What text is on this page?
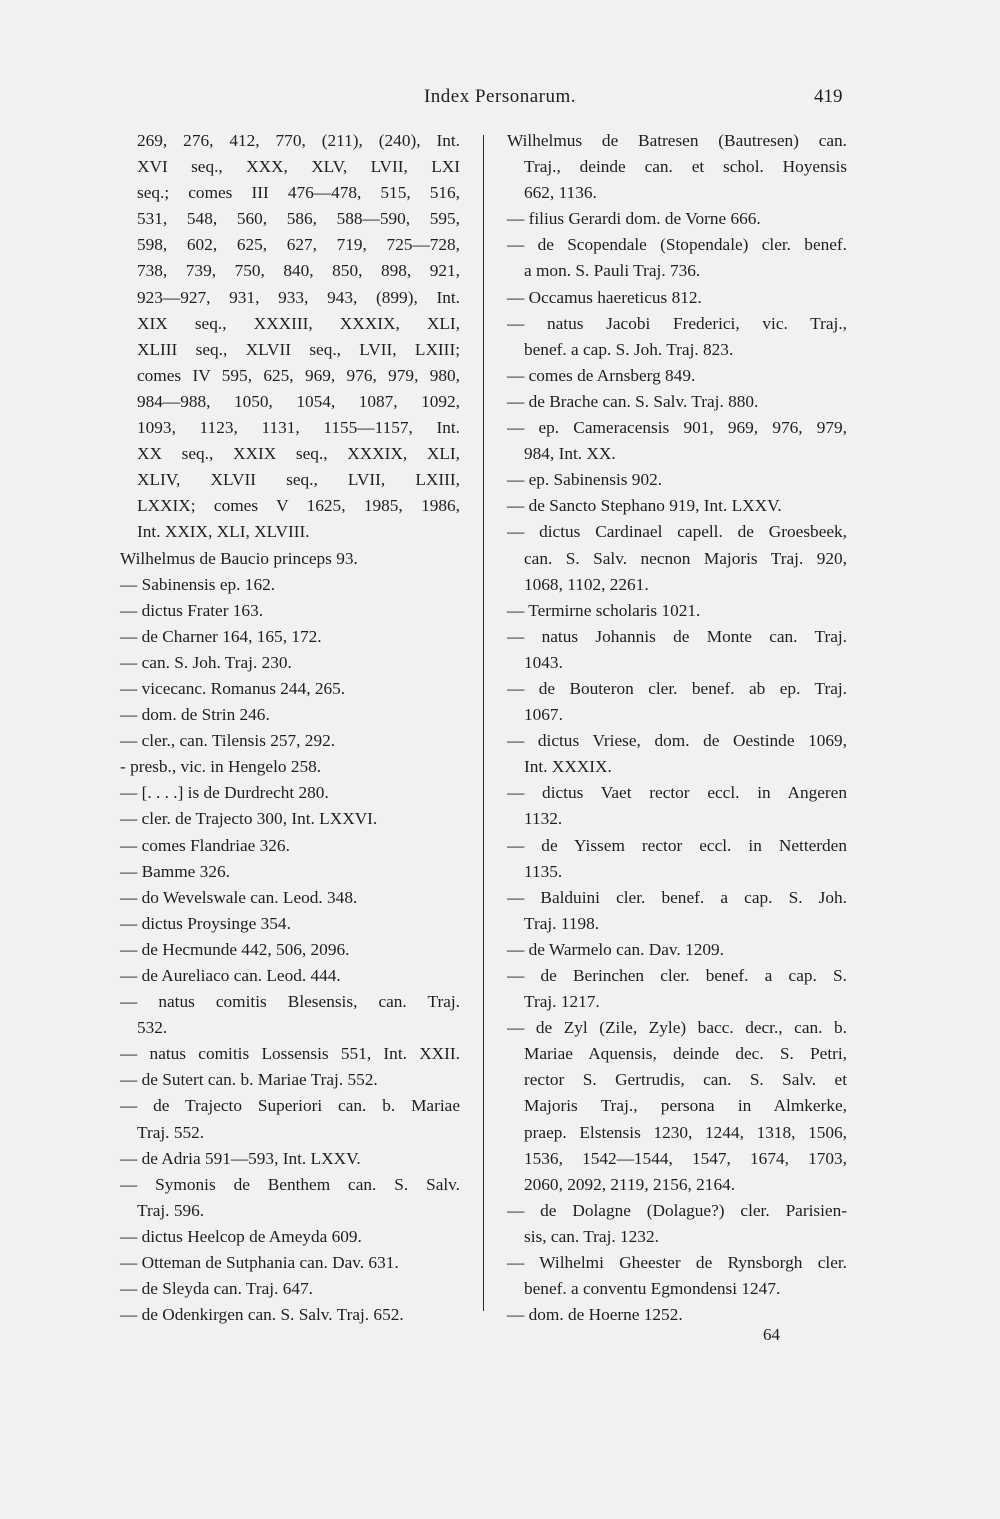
Index Personarum.	419
269, 276, 412, 770, (211), (240), Int.
XVI seq., XXX, XLV, LVII, LXI
seq.; comes III 476—478, 515, 516,
531, 548, 560, 586, 588—590, 595,
598, 602, 625, 627, 719, 725—728,
738, 739, 750, 840, 850, 898, 921,
923—927, 931, 933, 943, (899), Int.
XIX seq., XXXIII, XXXIX, XLI,
XLIII seq., XLVII seq., LVII, LXIII;
comes IV 595, 625, 969, 976, 979, 980,
984—988, 1050, 1054, 1087, 1092,
1093, 1123, 1131, 1155—1157, Int.
XX seq., XXIX seq., XXXIX, XLI,
XLIV, XLVII seq., LVII, LXIII,
LXXIX; comes V 1625, 1985, 1986,
Int. XXIX, XLI, XLVIII.
Wilhelmus de Baucio princeps 93.
— Sabinensis ep. 162.
— dictus Frater 163.
— de Charner 164, 165, 172.
— can. S. Joh. Traj. 230.
— vicecanc. Romanus 244, 265.
— dom. de Strin 246.
— cler., can. Tilensis 257, 292.
- presb., vic. in Hengelo 258.
— [. . . .] is de Durdrecht 280.
— cler. de Trajecto 300, Int. LXXVI.
— comes Flandriae 326.
— Bamme 326.
— do Wevelswale can. Leod. 348.
— dictus Proysinge 354.
— de Hecmunde 442, 506, 2096.
— de Aureliaco can. Leod. 444.
— natus comitis Blesensis, can. Traj.
532.
— natus comitis Lossensis 551, Int. XXII.
— de Sutert can. b. Mariae Traj. 552.
— de Trajecto Superiori can. b. Mariae
Traj. 552.
— de Adria 591—593, Int. LXXV.
— Symonis de Benthem can. S. Salv.
Traj. 596.
— dictus Heelcop de Ameyda 609.
— Otteman de Sutphania can. Dav. 631.
— de Sleyda can. Traj. 647.
— de Odenkirgen can. S. Salv. Traj. 652.
Wilhelmus de Batresen (Bautresen) can.
Traj., deinde can. et schol. Hoyensis
662, 1136.
— filius Gerardi dom. de Vorne 666.
— de Scopendale (Stopendale) cler. benef.
a mon. S. Pauli Traj. 736.
— Occamus haereticus 812.
— natus Jacobi Frederici, vic. Traj.,
benef. a cap. S. Joh. Traj. 823.
— comes de Arnsberg 849.
— de Brache can. S. Salv. Traj. 880.
— ep. Cameracensis 901, 969, 976, 979,
984, Int. XX.
— ep. Sabinensis 902.
— de Sancto Stephano 919, Int. LXXV.
— dictus Cardinael capell. de Groesbeek,
can. S. Salv. necnon Majoris Traj. 920,
1068, 1102, 2261.
— Termirne scholaris 1021.
— natus Johannis de Monte can. Traj.
1043.
— de Bouteron cler. benef. ab ep. Traj.
1067.
— dictus Vriese, dom. de Oestinde 1069,
Int. XXXIX.
— dictus Vaet rector eccl. in Angeren
1132.
— de Yissem rector eccl. in Netterden
1135.
— Balduini cler. benef. a cap. S. Joh.
Traj. 1198.
— de Warmelo can. Dav. 1209.
— de Berinchen cler. benef. a cap. S.
Traj. 1217.
— de Zyl (Zile, Zyle) bacc. decr., can. b.
Mariae Aquensis, deinde dec. S. Petri,
rector S. Gertrudis, can. S. Salv. et
Majoris Traj., persona in Almkerke,
praep. Elstensis 1230, 1244, 1318, 1506,
1536, 1542—1544, 1547, 1674, 1703,
2060, 2092, 2119, 2156, 2164.
— de Dolagne (Dolague?) cler. Parisien-
sis, can. Traj. 1232.
— Wilhelmi Gheester de Rynsborgh cler.
benef. a conventu Egmondensi 1247.
— dom. de Hoerne 1252.
64
